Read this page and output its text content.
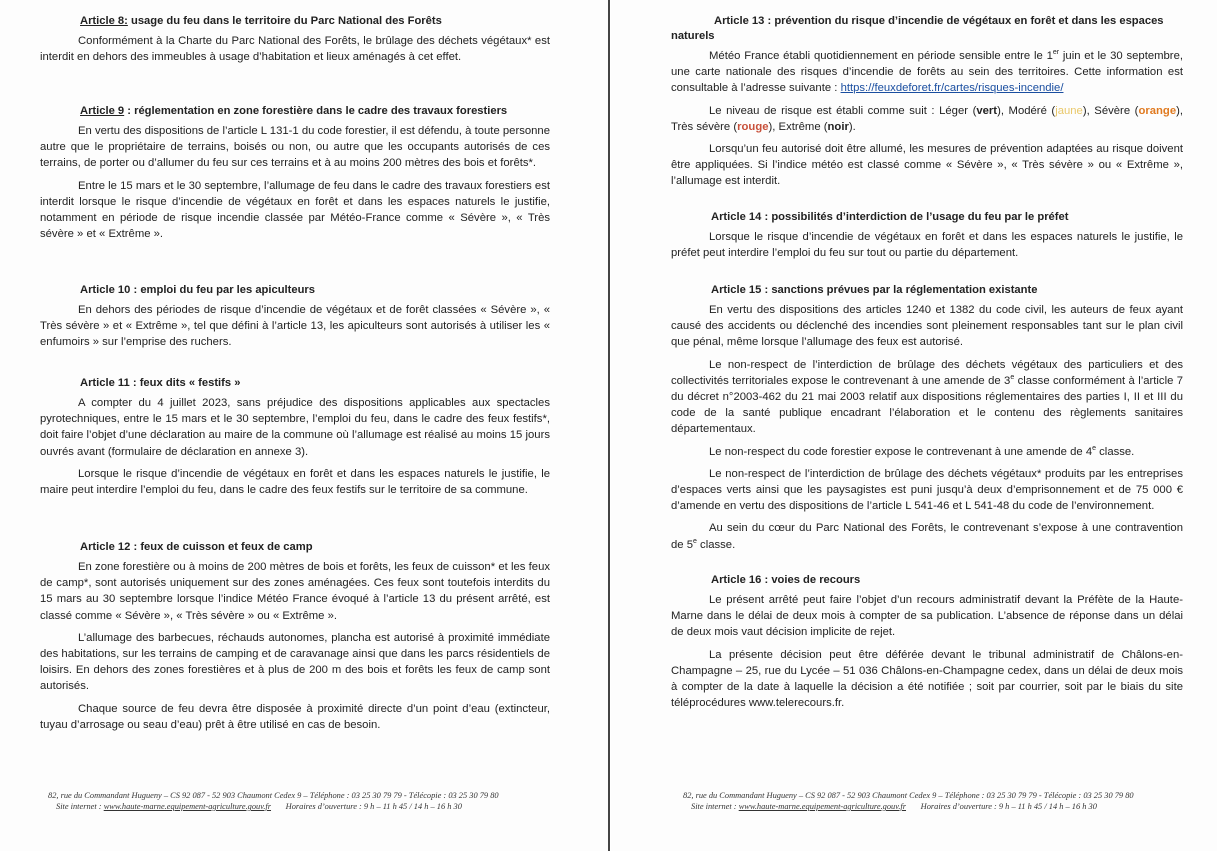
Article 8: usage du feu dans le territoire du Parc National des Forêts

Conformément à la Charte du Parc National des Forêts, le brûlage des déchets végétaux* est interdit en dehors des immeubles à usage d’habitation et lieux aménagés à cet effet.

Article 9 : réglementation en zone forestière dans le cadre des travaux forestiers

En vertu des dispositions de l’article L 131-1 du code forestier, il est défendu, à toute personne autre que le propriétaire de terrains, boisés ou non, ou autre que les occupants autorisés de ces terrains, de porter ou d’allumer du feu sur ces terrains et à au moins 200 mètres des bois et forêts*.

Entre le 15 mars et le 30 septembre, l’allumage de feu dans le cadre des travaux forestiers est interdit lorsque le risque d’incendie de végétaux en forêt et dans les espaces naturels le justifie, notamment en période de risque incendie classée par Météo-France comme « Sévère », « Très sévère » et « Extrême ».

Article 10 : emploi du feu par les apiculteurs

En dehors des périodes de risque d’incendie de végétaux et de forêt classées « Sévère », « Très sévère » et « Extrême », tel que défini à l’article 13, les apiculteurs sont autorisés à utiliser les « enfumoirs » sur l’emprise des ruchers.

Article 11 : feux dits « festifs »

A compter du 4 juillet 2023, sans préjudice des dispositions applicables aux spectacles pyrotechniques, entre le 15 mars et le 30 septembre, l’emploi du feu, dans le cadre des feux festifs*, doit faire l’objet d’une déclaration au maire de la commune où l’allumage est réalisé au moins 15 jours ouvrés avant (formulaire de déclaration en annexe 3).

Lorsque le risque d’incendie de végétaux en forêt et dans les espaces naturels le justifie, le maire peut interdire l’emploi du feu, dans le cadre des feux festifs sur le territoire de sa commune.

Article 12 : feux de cuisson et feux de camp

En zone forestière ou à moins de 200 mètres de bois et forêts, les feux de cuisson* et les feux de camp*, sont autorisés uniquement sur des zones aménagées. Ces feux sont toutefois interdits du 15 mars au 30 septembre lorsque l’indice Météo France évoqué à l’article 13 du présent arrêté, est classé comme « Sévère », « Très sévère » ou « Extrême ».

L’allumage des barbecues, réchauds autonomes, plancha est autorisé à proximité immédiate des habitations, sur les terrains de camping et de caravanage ainsi que dans les parcs résidentiels de loisirs. En dehors des zones forestières et à plus de 200 m des bois et forêts les feux de camp sont autorisés.

Chaque source de feu devra être disposée à proximité directe d’un point d’eau (extincteur, tuyau d’arrosage ou seau d’eau) prêt à être utilisé en cas de besoin.

82, rue du Commandant Hugueny – CS 92 087 - 52 903 Chaumont Cedex 9 – Téléphone : 03 25 30 79 79 - Télécopie : 03 25 30 79 80
Site internet : www.haute-marne.equipement-agriculture.gouv.fr Horaires d’ouverture : 9 h – 11 h 45 / 14 h – 16 h 30
Article 13 : prévention du risque d’incendie de végétaux en forêt et dans les espaces naturels

Météo France établi quotidiennement en période sensible entre le 1er juin et le 30 septembre, une carte nationale des risques d’incendie de forêts au sein des territoires. Cette information est consultable à l’adresse suivante : https://feuxdeforet.fr/cartes/risques-incendie/

Le niveau de risque est établi comme suit : Léger (vert), Modéré (jaune), Sévère (orange), Très sévère (rouge), Extrême (noir).

Lorsqu’un feu autorisé doit être allumé, les mesures de prévention adaptées au risque doivent être appliquées. Si l’indice météo est classé comme « Sévère », « Très sévère » ou « Extrême », l’allumage est interdit.

Article 14 : possibilités d’interdiction de l’usage du feu par le préfet

Lorsque le risque d’incendie de végétaux en forêt et dans les espaces naturels le justifie, le préfet peut interdire l’emploi du feu sur tout ou partie du département.

Article 15 : sanctions prévues par la réglementation existante

En vertu des dispositions des articles 1240 et 1382 du code civil, les auteurs de feux ayant causé des accidents ou déclenché des incendies sont pleinement responsables tant sur le plan civil que pénal, même lorsque l’allumage des feux est autorisé.

Le non-respect de l’interdiction de brûlage des déchets végétaux des particuliers et des collectivités territoriales expose le contrevenant à une amende de 3e classe conformément à l’article 7 du décret n°2003-462 du 21 mai 2003 relatif aux dispositions réglementaires des parties I, II et III du code de la santé publique encadrant l’élaboration et le contenu des règlements sanitaires départementaux.

Le non-respect du code forestier expose le contrevenant à une amende de 4e classe.

Le non-respect de l’interdiction de brûlage des déchets végétaux* produits par les entreprises d’espaces verts ainsi que les paysagistes est puni jusqu’à deux d’emprisonnement et de 75 000 € d’amende en vertu des dispositions de l’article L 541-46 et L 541-48 du code de l’environnement.

Au sein du cœur du Parc National des Forêts, le contrevenant s’expose à une contravention de 5e classe.

Article 16 : voies de recours

Le présent arrêté peut faire l’objet d’un recours administratif devant la Préfète de la Haute-Marne dans le délai de deux mois à compter de sa publication. L’absence de réponse dans un délai de deux mois vaut décision implicite de rejet.

La présente décision peut être déférée devant le tribunal administratif de Châlons-en-Champagne – 25, rue du Lycée – 51 036 Châlons-en-Champagne cedex, dans un délai de deux mois à compter de la date à laquelle la décision a été notifiée ; soit par courrier, soit par le biais du site téléprocédures www.telerecours.fr.

82, rue du Commandant Hugueny – CS 92 087 - 52 903 Chaumont Cedex 9 – Téléphone : 03 25 30 79 79 - Télécopie : 03 25 30 79 80
Site internet : www.haute-marne.equipement-agriculture.gouv.fr Horaires d’ouverture : 9 h – 11 h 45 / 14 h – 16 h 30
